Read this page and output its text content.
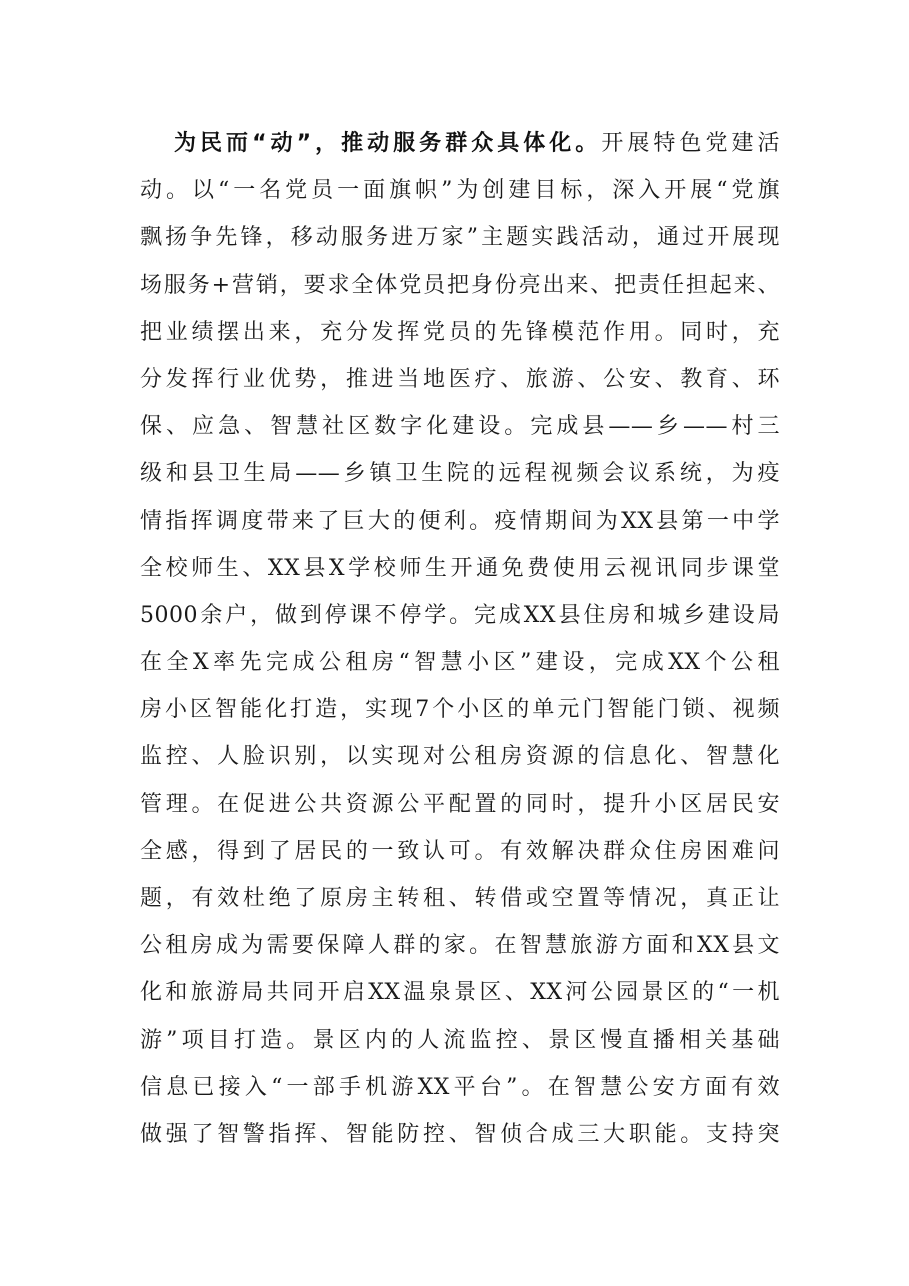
为民而“动”，推动服务群众具体化。开展特色党建活
动。以“一名党员一面旗帜”为创建目标，深入开展“党旗
飘扬争先锋，移动服务进万家”主题实践活动，通过开展现
场服务+营销，要求全体党员把身份亮出来、把责任担起来、
把业绩摆出来，充分发挥党员的先锋模范作用。同时，充
分发挥行业优势，推进当地医疗、旅游、公安、教育、环
保、应急、智慧社区数字化建设。完成县——乡——村三
级和县卫生局——乡镇卫生院的远程视频会议系统，为疫
情指挥调度带来了巨大的便利。疫情期间为XX县第一中学
全校师生、XX县X学校师生开通免费使用云视讯同步课堂
5000余户，做到停课不停学。完成XX县住房和城乡建设局
在全X率先完成公租房“智慧小区”建设，完成XX个公租
房小区智能化打造，实现7个小区的单元门智能门锁、视频
监控、人脸识别，以实现对公租房资源的信息化、智慧化
管理。在促进公共资源公平配置的同时，提升小区居民安
全感，得到了居民的一致认可。有效解决群众住房困难问
题，有效杜绝了原房主转租、转借或空置等情况，真正让
公租房成为需要保障人群的家。在智慧旅游方面和XX县文
化和旅游局共同开启XX温泉景区、XX河公园景区的“一机
游”项目打造。景区内的人流监控、景区慢直播相关基础
信息已接入“一部手机游XX平台”。在智慧公安方面有效
做强了智警指挥、智能防控、智侦合成三大职能。支持突
